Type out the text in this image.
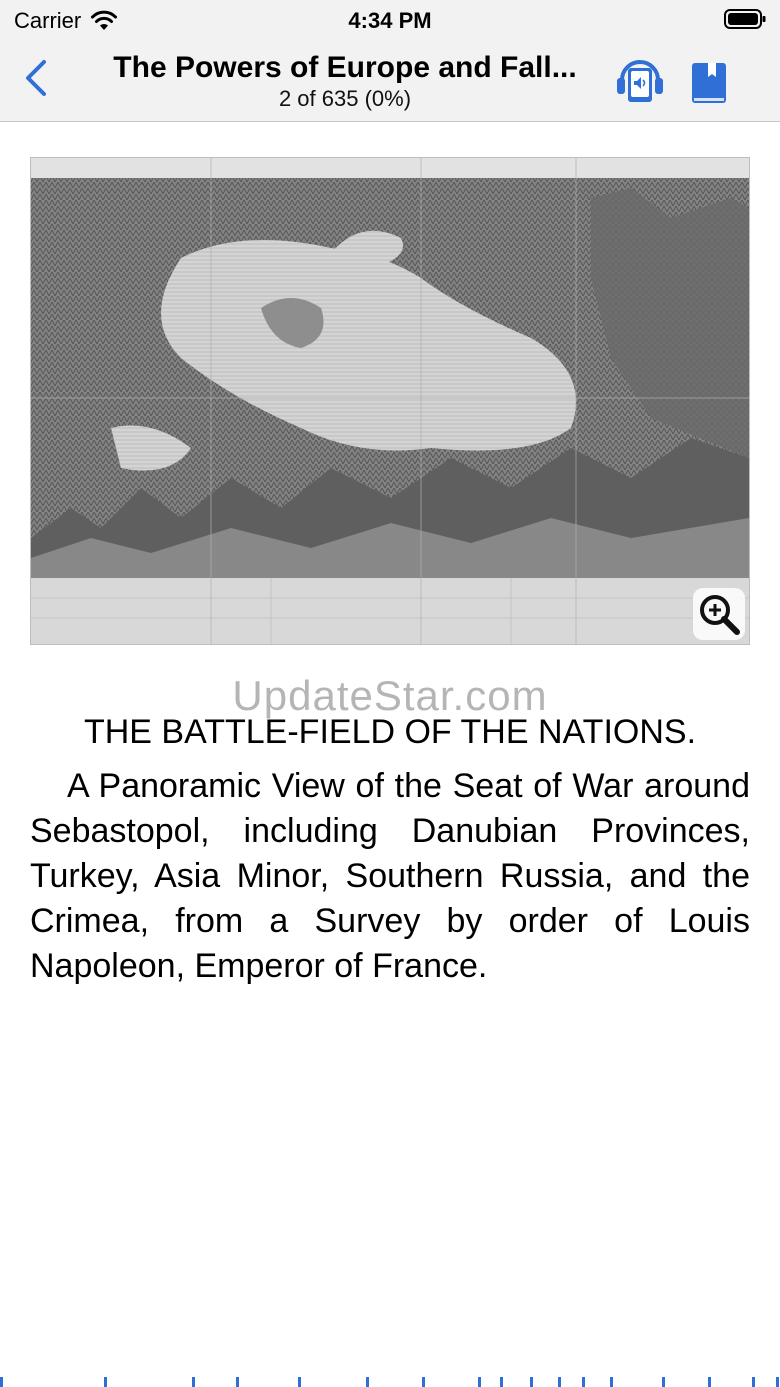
Carrier	4:34 PM
The Powers of Europe and Fall...
2 of 635 (0%)
UpdateStar.com
THE BATTLE-FIELD OF THE NATIONS.
A Panoramic View of the Seat of War around Sebastopol, including Danubian Provinces, Turkey, Asia Minor, Southern Russia, and the Crimea, from a Survey by order of Louis Napoleon, Emperor of France.
